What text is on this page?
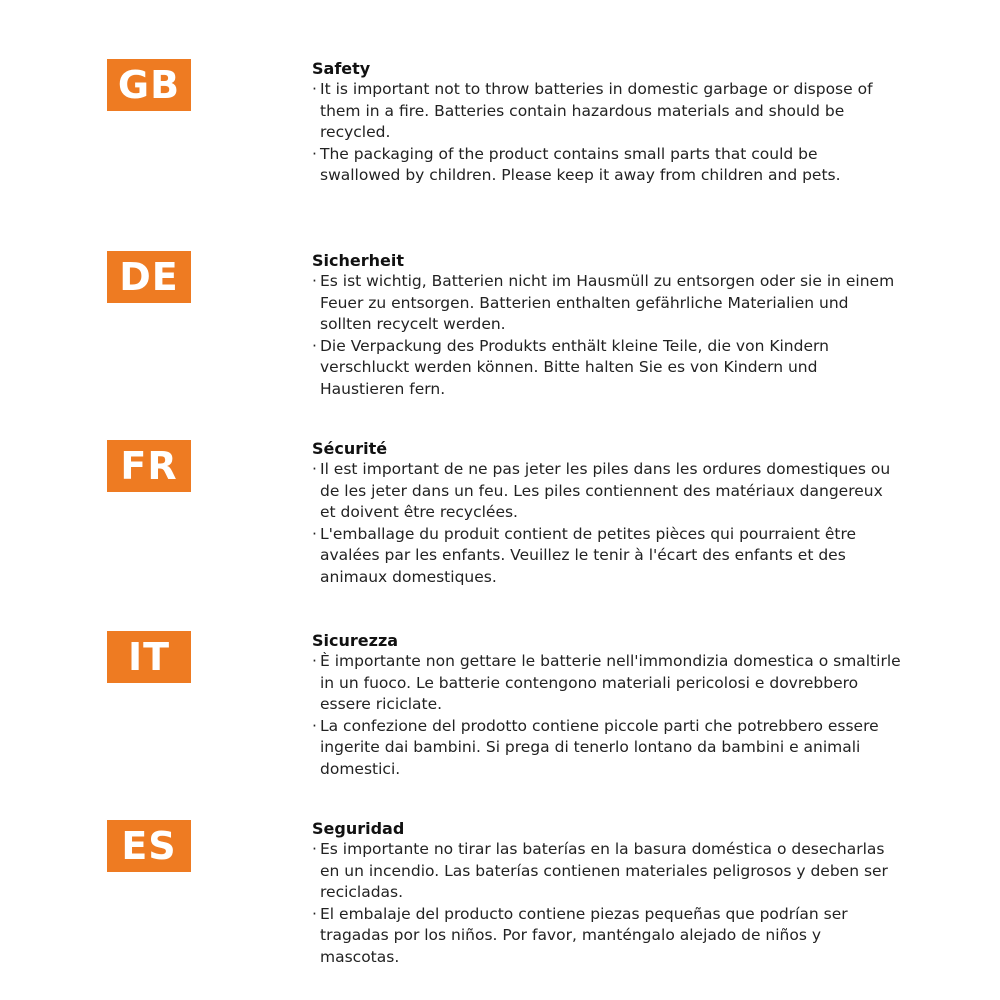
GB	Safety
· It is important not to throw batteries in domestic garbage or dispose of them in a fire. Batteries contain hazardous materials and should be recycled.
· The packaging of the product contains small parts that could be swallowed by children. Please keep it away from children and pets.
DE	Sicherheit
· Es ist wichtig, Batterien nicht im Hausmüll zu entsorgen oder sie in einem Feuer zu entsorgen. Batterien enthalten gefährliche Materialien und sollten recycelt werden.
· Die Verpackung des Produkts enthält kleine Teile, die von Kindern verschluckt werden können. Bitte halten Sie es von Kindern und Haustieren fern.
FR	Sécurité
· Il est important de ne pas jeter les piles dans les ordures domestiques ou de les jeter dans un feu. Les piles contiennent des matériaux dangereux et doivent être recyclées.
· L'emballage du produit contient de petites pièces qui pourraient être avalées par les enfants. Veuillez le tenir à l'écart des enfants et des animaux domestiques.
IT	Sicurezza
· È importante non gettare le batterie nell'immondizia domestica o smaltirle in un fuoco. Le batterie contengono materiali pericolosi e dovrebbero essere riciclate.
· La confezione del prodotto contiene piccole parti che potrebbero essere ingerite dai bambini. Si prega di tenerlo lontano da bambini e animali domestici.
ES	Seguridad
· Es importante no tirar las baterías en la basura doméstica o desecharlas en un incendio. Las baterías contienen materiales peligrosos y deben ser recicladas.
· El embalaje del producto contiene piezas pequeñas que podrían ser tragadas por los niños. Por favor, manténgalo alejado de niños y mascotas.
